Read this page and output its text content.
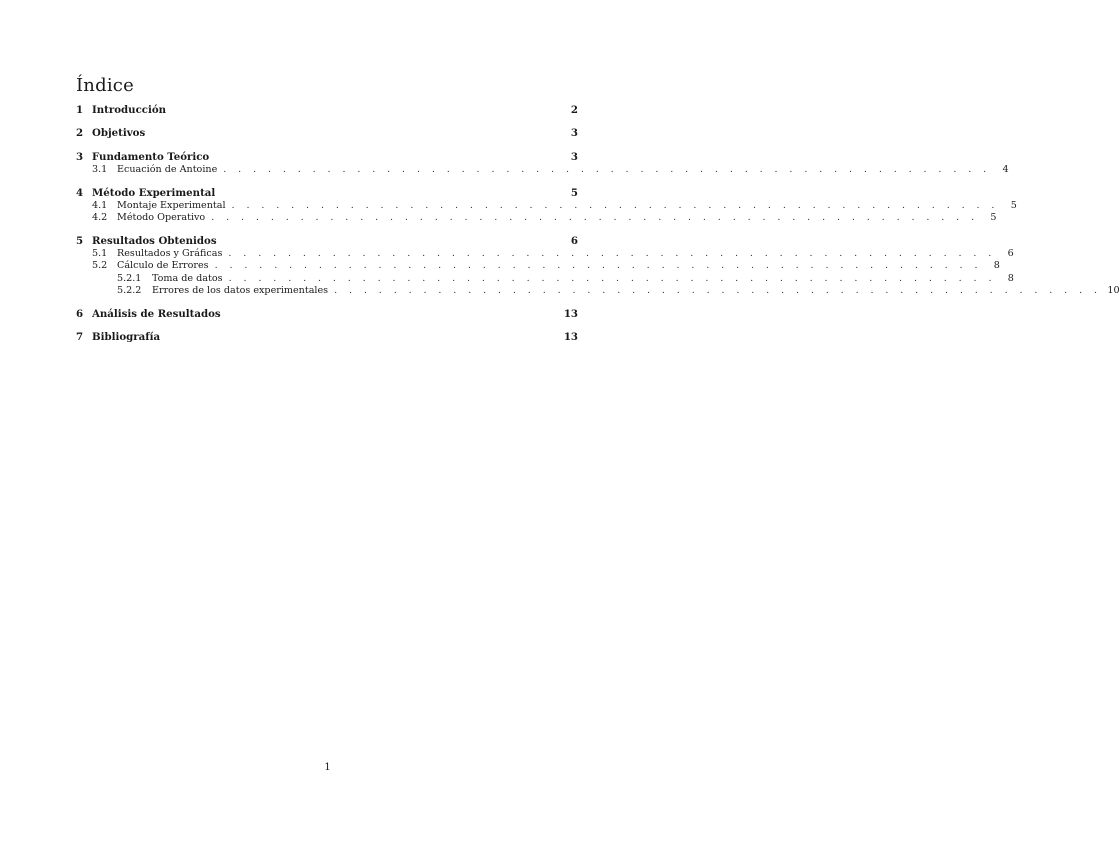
Índice
1 Introducción	2
2 Objetivos	3
3 Fundamento Teórico	3
3.1	Ecuación de Antoine . . . . . . . . . . . . . . . . . . . . . . . . . . . . . . . . . . . . . . . . . . . . . . . . . . . .	4
4 Método Experimental	5
4.1	Montaje Experimental . . . . . . . . . . . . . . . . . . . . . . . . . . . . . . . . . . . . . . . . . . . . . . . . . . . .	5
4.2	Método Operativo . . . . . . . . . . . . . . . . . . . . . . . . . . . . . . . . . . . . . . . . . . . . . . . . . . . .	5
5 Resultados Obtenidos	6
5.1	Resultados y Gráficas . . . . . . . . . . . . . . . . . . . . . . . . . . . . . . . . . . . . . . . . . . . . . . . . . . . .	6
5.2	Cálculo de Errores . . . . . . . . . . . . . . . . . . . . . . . . . . . . . . . . . . . . . . . . . . . . . . . . . . . .	8
5.2.1	Toma de datos . . . . . . . . . . . . . . . . . . . . . . . . . . . . . . . . . . . . . . . . . . . . . . . . . . . .	8
5.2.2	Errores de los datos experimentales . . . . . . . . . . . . . . . . . . . . . . . . . . . . . . . . . . . . . . . . . . . . . . . . . . . . 10
6 Análisis de Resultados	13
7 Bibliografía	13
1
